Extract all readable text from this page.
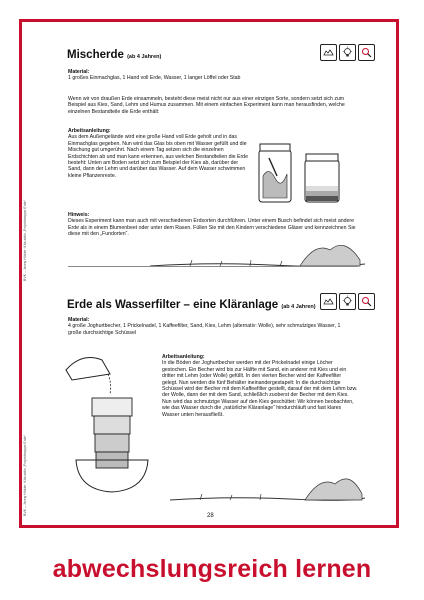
BVK – Jenny Hübler: Kita aktiv „Projektmappe Erde“
BVK – Jenny Hübler: Kita aktiv „Projektmappe Erde“
Mischerde (ab 4 Jahren)

Material:

1 großes Einmachglas, 1 Hand voll Erde, Wasser, 1 langer Löffel oder Stab

Wenn wir von draußen Erde einsammeln, besteht diese meist nicht nur aus einer einzigen Sorte, sondern setzt sich zum Beispiel aus Kies, Sand, Lehm und Humus zusammen. Mit einem einfachen Experiment kann man herausfinden, welche einzelnen Bestandteile die Erde enthält:

Arbeitsanleitung:

Aus dem Außengelände wird eine große Hand voll Erde geholt und in das Einmachglas gegeben. Nun wird das Glas bis oben mit Wasser gefüllt und die Mischung gut umgerührt. Nach einem Tag setzen sich die einzelnen Erdschichten ab und man kann erkennen, aus welchen Bestandteilen die Erde besteht: Unten am Boden setzt sich zum Beispiel der Kies ab, darüber der Sand, dann der Lehm und darüber das Wasser. Auf dem Wasser schwimmen kleine Pflanzenreste.

Hinweis:

Dieses Experiment kann man auch mit verschiedenen Erdsorten durchführen. Unter einem Busch befindet sich meist andere Erde als in einem Blumenbeet oder unter dem Rasen. Füllen Sie mit den Kindern verschiedene Gläser und kennzeichnen Sie diese mit den „Fundorten“.

Erde als Wasserfilter – eine Kläranlage (ab 4 Jahren)

Material:

4 große Joghurtbecher, 1 Prickelnadel, 1 Kaffeefilter, Sand, Kies, Lehm (alternativ: Wolle), sehr schmutziges Wasser, 1 große durchsichtige Schüssel

Arbeitsanleitung:

In die Böden der Joghurtbecher werden mit der Prickelnadel einige Löcher gestochen. Ein Becher wird bis zur Hälfte mit Sand, ein anderer mit Kies und ein dritter mit Lehm (oder Wolle) gefüllt. In den vierten Becher wird der Kaffeefilter gelegt. Nun werden die fünf Behälter ineinandergestapelt: In die durchsichtige Schüssel wird der Becher mit dem Kaffeefilter gestellt, darauf der mit dem Lehm bzw. der Wolle, dann der mit dem Sand, schließlich zuoberst der Becher mit dem Kies. Nun wird das schmutzige Wasser auf den Kies geschüttet: Wir können beobachten, wie das Wasser durch die „natürliche Kläranlage“ hindurchläuft und fast klares Wasser unten herausfließt.

28
abwechslungsreich lernen
